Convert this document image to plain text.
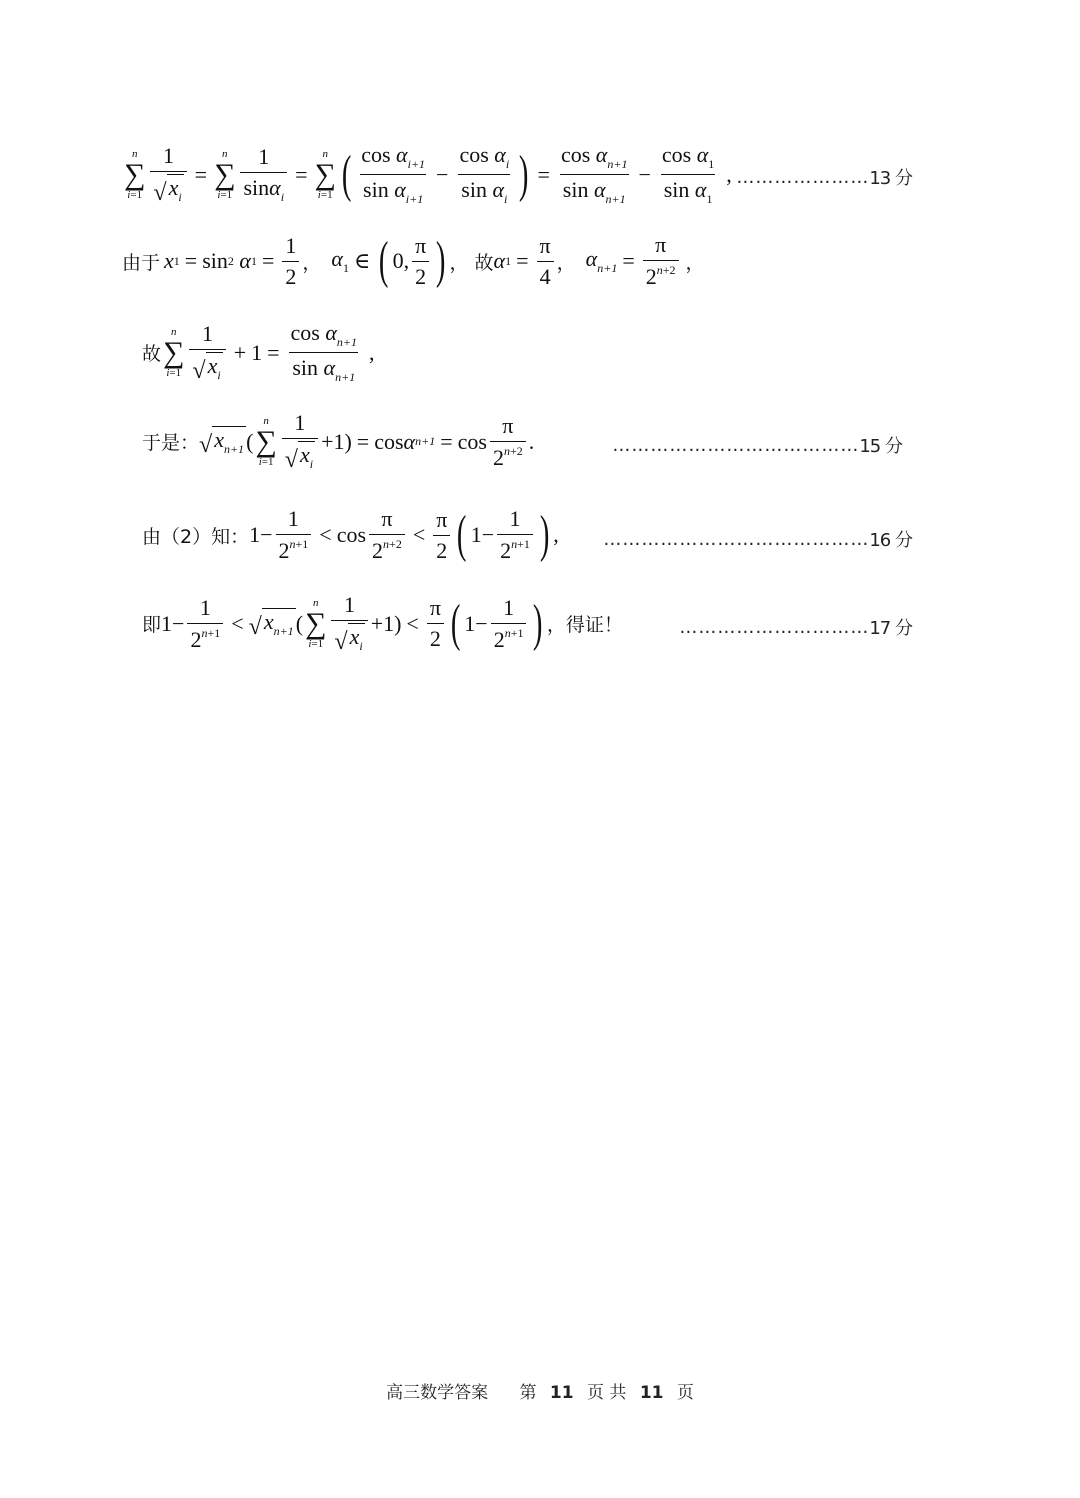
n
∑
$i=1 \frac{1}{√ x_i}$ =
n
∑
$i=1 \frac{1}{\sin\alpha_i}$ =
n
∑
i=1 ( $\frac{\cos \alpha_{i+1}}{\sin \alpha_{i+1}} - \frac{\cos \alpha_i}{\sin \alpha_i}$ ) = $\frac{\cos \alpha_{n+1}}{\sin \alpha_{n+1}} - \frac{\cos \alpha_1}{\sin \alpha_1}$ , ………………… 13 分
由于 x 1 = sin 2
α $1 = \frac{1}{2}$ ， $\alpha_1$ ∈ ( 0, $\frac{\pi}{2}$ ) ， 故 α $1 = \frac{\pi}{4}$ ， $\alpha_{n+1} = \frac{\pi}{2^{n+2}}$ ，
故
n
∑
$i=1 \frac{1}{√ x_i} + 1 = \frac{\cos \alpha_{n+1}}{\sin \alpha_{n+1}}$ ,
于是： √ $x_{n+1}$ (
n
∑
$i=1 \frac{1}{√ x_i} +1) = \cos \alpha$ $n+1 = \cos \frac{\pi}{2^{n+2}}$ .	………………………………… 15 分
由（2）知： $1- \frac{1}{2^{n+1}} < \cos \frac{\pi}{2^{n+2}} < \frac{\pi}{2}$ ( $1- \frac{1}{2^{n+1}}$ ) , …………………………………… 16 分
即 $1- \frac{1}{2^{n+1}}$ < √ $x_{n+1}$ (
n
∑
$i=1 \frac{1}{√ x_i} +1) < \frac{\pi}{2}$ ( $1- \frac{1}{2^{n+1}}$ ) ，得证！	………………………… 17 分
高三数学答案 第 11 页 共 11 页
